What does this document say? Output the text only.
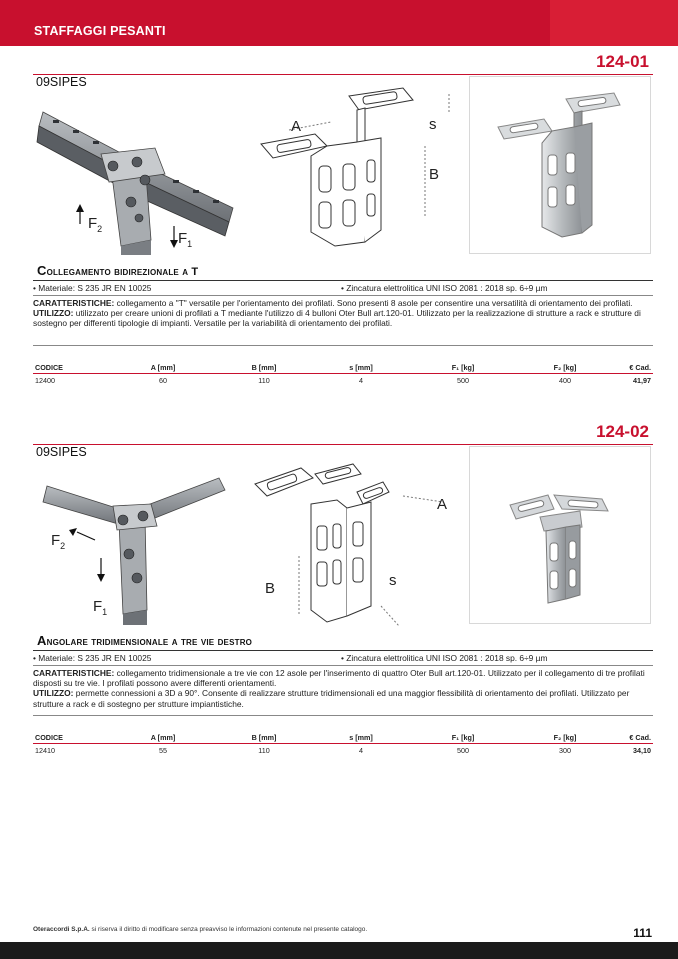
STAFFAGGI PESANTI
124-01
09SIPES
$F_2$
$F_1$
A
B
s
Collegamento bidirezionale a T
• Materiale: S 235 JR EN 10025	• Zincatura elettrolitica UNI ISO 2081 : 2018 sp. 6÷9 µm
CARATTERISTICHE: collegamento a "T" versatile per l'orientamento dei profilati. Sono presenti 8 asole per consentire una versatilità di orientamento dei profilati.
UTILIZZO: utilizzato per creare unioni di profilati a T mediante l'utilizzo di 4 bulloni Oter Bull art.120-01. Utilizzato per la realizzazione di strutture a rack e strutture di sostegno per differenti tipologie di impianti. Versatile per la variabilità di orientamento dei profilati.
CODICE	A [mm]	B [mm]	s [mm]	F₁ [kg]	F₂ [kg]	€ Cad.
12400	60	110	4	500	400	41,97
124-02
09SIPES
$F_2$
$F_1$
A
B	s
Angolare tridimensionale a tre vie destro
• Materiale: S 235 JR EN 10025	• Zincatura elettrolitica UNI ISO 2081 : 2018 sp. 6÷9 µm
CARATTERISTICHE: collegamento tridimensionale a tre vie con 12 asole per l'inserimento di quattro Oter Bull art.120-01. Utilizzato per il collegamento di tre profilati disposti su tre vie. I profilati possono avere differenti orientamenti.
UTILIZZO: permette connessioni a 3D a 90°. Consente di realizzare strutture tridimensionali ed una maggior flessibilità di orientamento dei profilati. Utilizzato per strutture a rack e di sostegno per strutture impiantistiche.
CODICE	A [mm]	B [mm]	s [mm]	F₁ [kg]	F₂ [kg]	€ Cad.
12410	55	110	4	500	300	34,10
Oteraccordi S.p.A. si riserva il diritto di modificare senza preavviso le informazioni contenute nel presente catalogo.	111
